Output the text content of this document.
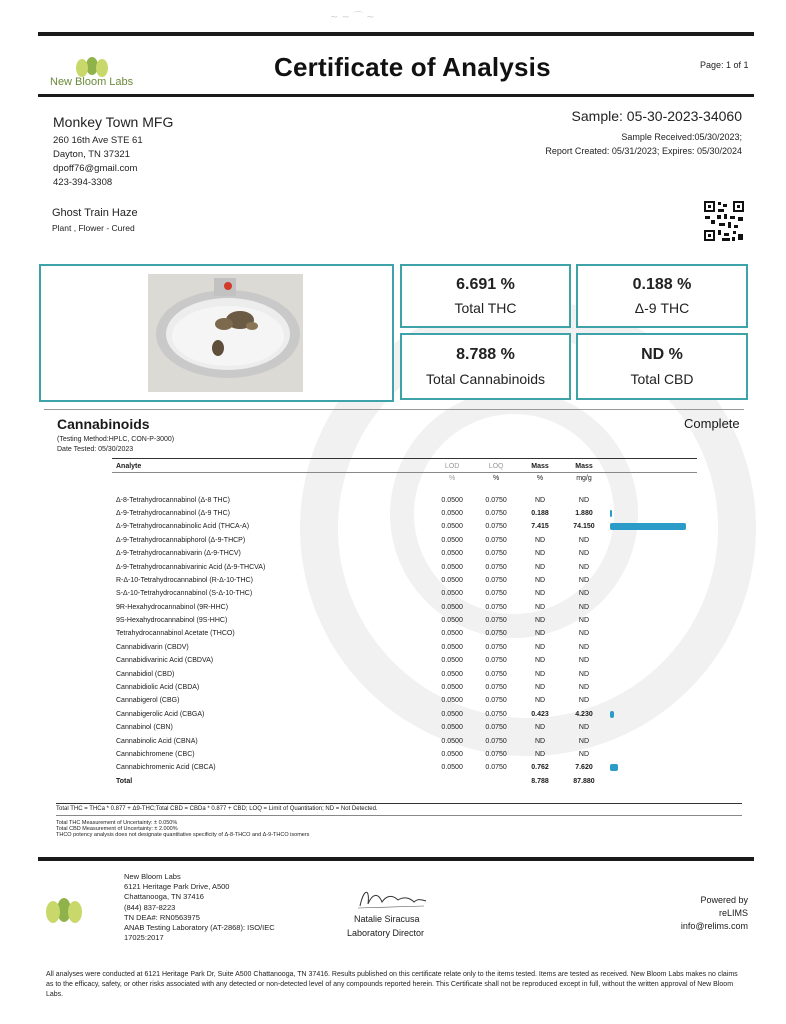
~ ~ ⌒ ~
New Bloom Labs	Certificate of Analysis	Page: 1 of 1
Monkey Town MFG
260 16th Ave STE 61
Dayton, TN 37321
dpoff76@gmail.com
423-394-3308
Sample: 05-30-2023-34060
Sample Received:05/30/2023;
Report Created: 05/31/2023; Expires: 05/30/2024
Ghost Train Haze
Plant , Flower - Cured
6.691 %
Total THC
0.188 %
Δ-9 THC
8.788 %
Total Cannabinoids
ND %
Total CBD
Cannabinoids	Complete
(Testing Method:HPLC, CON-P-3000)
Date Tested: 05/30/2023
Analyte	LOD	LOQ	Mass	Mass	
	%	%	%	mg/g	

Δ-8-Tetrahydrocannabinol (Δ-8 THC)	0.0500	0.0750	ND	ND	
Δ-9-Tetrahydrocannabinol (Δ-9 THC)	0.0500	0.0750	0.188	1.880	

Δ-9-Tetrahydrocannabinolic Acid (THCA-A)	0.0500	0.0750	7.415	74.150	

Δ-9-Tetrahydrocannabiphorol (Δ-9-THCP)	0.0500	0.0750	ND	ND	
Δ-9-Tetrahydrocannabivarin (Δ-9-THCV)	0.0500	0.0750	ND	ND	
Δ-9-Tetrahydrocannabivarinic Acid (Δ-9-THCVA)	0.0500	0.0750	ND	ND	
R-Δ-10-Tetrahydrocannabinol (R-Δ-10-THC)	0.0500	0.0750	ND	ND	
S-Δ-10-Tetrahydrocannabinol (S-Δ-10-THC)	0.0500	0.0750	ND	ND	
9R-Hexahydrocannabinol (9R-HHC)	0.0500	0.0750	ND	ND	
9S-Hexahydrocannabinol (9S-HHC)	0.0500	0.0750	ND	ND	
Tetrahydrocannabinol Acetate (THCO)	0.0500	0.0750	ND	ND	
Cannabidivarin (CBDV)	0.0500	0.0750	ND	ND	
Cannabidivarinic Acid (CBDVA)	0.0500	0.0750	ND	ND	
Cannabidiol (CBD)	0.0500	0.0750	ND	ND	
Cannabidiolic Acid (CBDA)	0.0500	0.0750	ND	ND	
Cannabigerol (CBG)	0.0500	0.0750	ND	ND	
Cannabigerolic Acid (CBGA)	0.0500	0.0750	0.423	4.230	

Cannabinol (CBN)	0.0500	0.0750	ND	ND	
Cannabinolic Acid (CBNA)	0.0500	0.0750	ND	ND	
Cannabichromene (CBC)	0.0500	0.0750	ND	ND	
Cannabichromenic Acid (CBCA)	0.0500	0.0750	0.762	7.620	

Total			8.788	87.880	
Total THC = THCa * 0.877 + Δ9-THC;Total CBD = CBDa * 0.877 + CBD; LOQ = Limit of Quantitation; ND = Not Detected.
Total THC Measurement of Uncertainty: ± 0.050%
Total CBD Measurement of Uncertainty: ± 2.000%
THCO potency analysis does not designate quantitative specificity of Δ-8-THCO and Δ-9-THCO isomers
New Bloom Labs
6121 Heritage Park Drive, A500
Chattanooga, TN 37416
(844) 837-8223
TN DEA#: RN0563975
ANAB Testing Laboratory (AT-2868): ISO/IEC
17025:2017
Natalie Siracusa
Laboratory Director
Powered by
reLIMS
info@relims.com
All analyses were conducted at 6121 Heritage Park Dr, Suite A500 Chattanooga, TN 37416. Results published on this certificate relate only to the items tested. Items are tested as received. New Bloom Labs makes no claims as to the efficacy, safety, or other risks associated with any detected or non-detected level of any compounds reported herein. This Certificate shall not be reproduced except in full, without the written approval of New Bloom Labs.
